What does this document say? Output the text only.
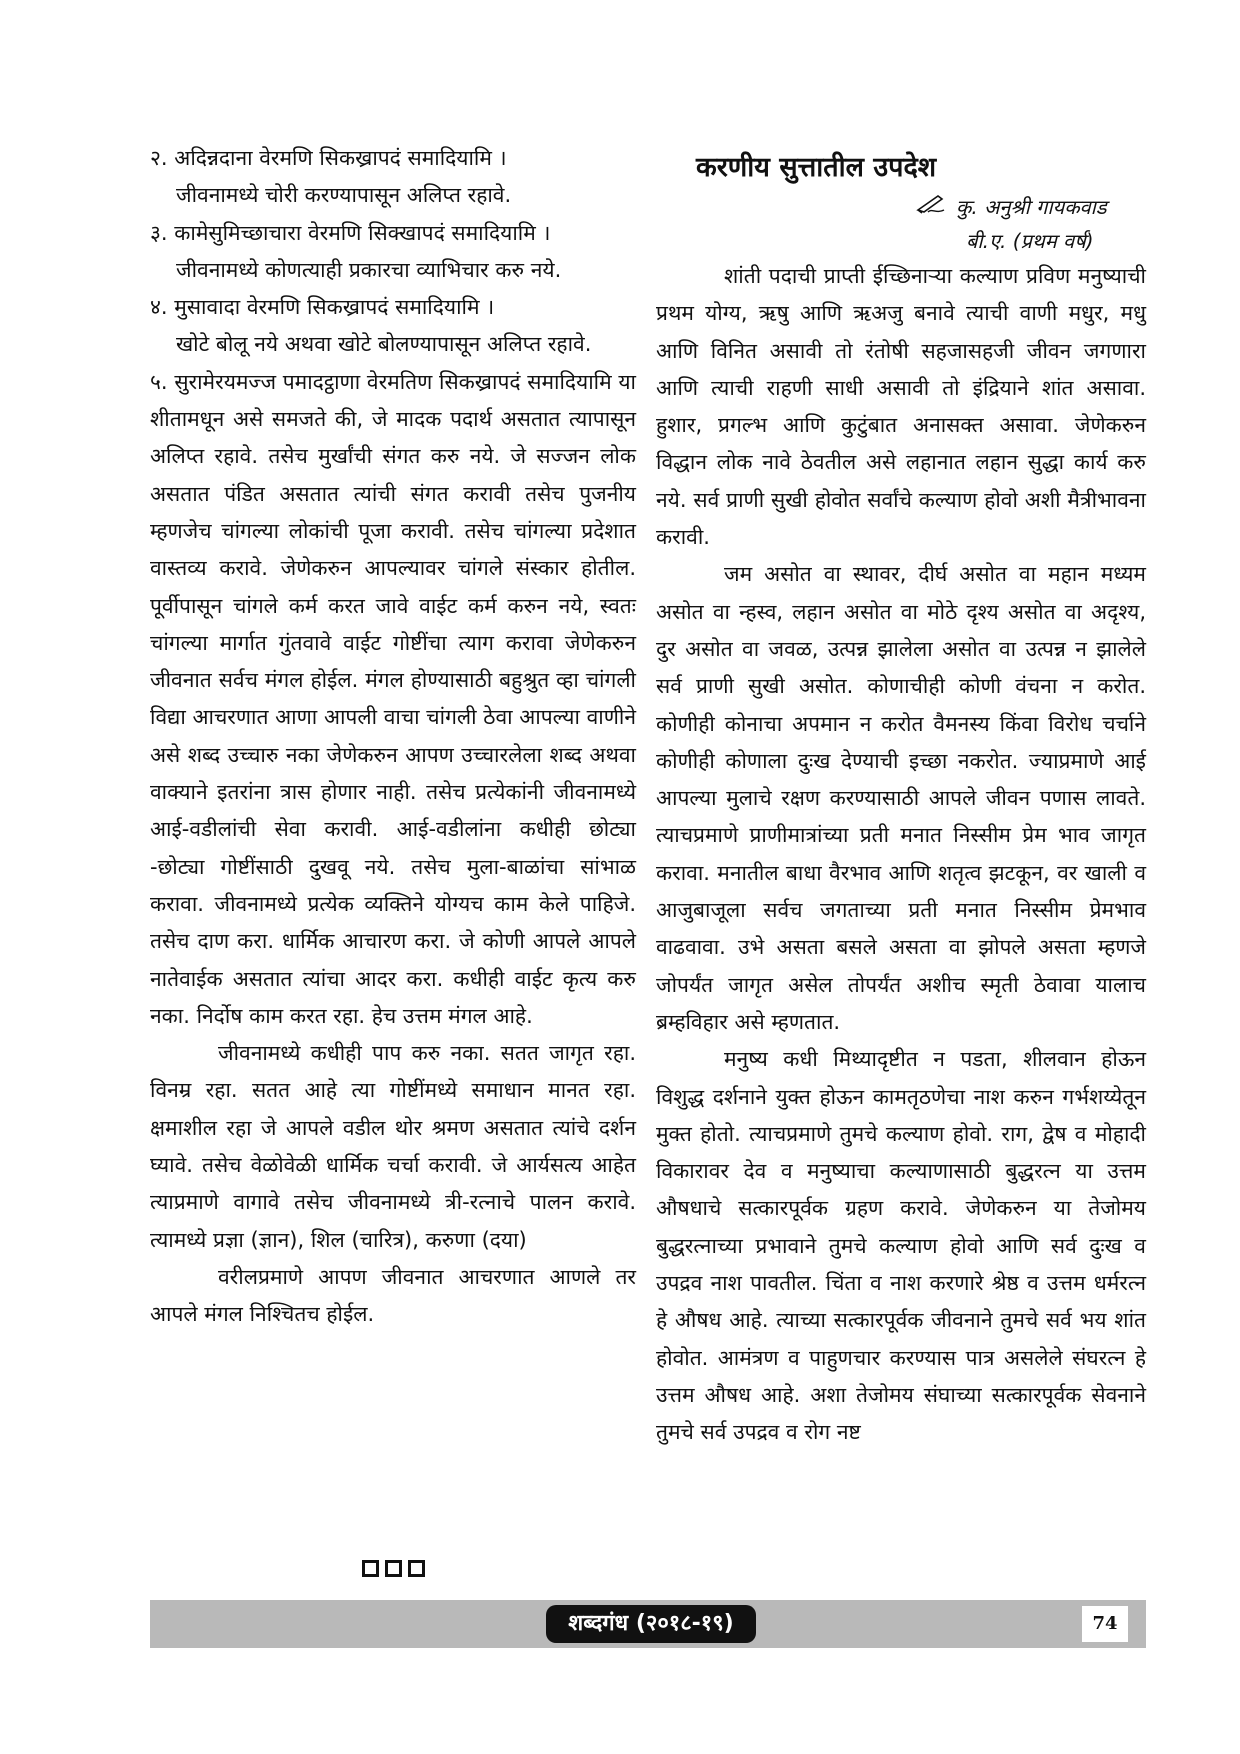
२. अदिन्नदाना वेरमणि सिकख्रापदं समादियामि ।

जीवनामध्ये चोरी करण्यापासून अलिप्त रहावे.

३. कामेसुमिच्छाचारा वेरमणि सिक्खापदं समादियामि ।

जीवनामध्ये कोणत्याही प्रकारचा व्याभिचार करु नये.

४. मुसावादा वेरमणि सिकख्रापदं समादियामि ।

खोटे बोलू नये अथवा खोटे बोलण्यापासून अलिप्त रहावे.

५. सुरामेरयमज्ज पमादट्ठाणा वेरमतिण सिकख्रापदं समादियामि या शीतामधून असे समजते की, जे मादक पदार्थ असतात त्यापासून अलिप्त रहावे. तसेच मुर्खांची संगत करु नये. जे सज्जन लोक असतात पंडित असतात त्यांची संगत करावी तसेच पुजनीय म्हणजेच चांगल्या लोकांची पूजा करावी. तसेच चांगल्या प्रदेशात वास्तव्य करावे. जेणेकरुन आपल्यावर चांगले संस्कार होतील. पूर्वीपासून चांगले कर्म करत जावे वाईट कर्म करुन नये, स्वतः चांगल्या मार्गात गुंतवावे वाईट गोष्टींचा त्याग करावा जेणेकरुन जीवनात सर्वच मंगल होईल. मंगल होण्यासाठी बहुश्रुत व्हा चांगली विद्या आचरणात आणा आपली वाचा चांगली ठेवा आपल्या वाणीने असे शब्द उच्चारु नका जेणेकरुन आपण उच्चारलेला शब्द अथवा वाक्याने इतरांना त्रास होणार नाही. तसेच प्रत्येकांनी जीवनामध्ये आई-वडीलांची सेवा करावी. आई-वडीलांना कधीही छोट्या -छोट्या गोष्टींसाठी दुखवू नये. तसेच मुला-बाळांचा सांभाळ करावा. जीवनामध्ये प्रत्येक व्यक्तिने योग्यच काम केले पाहिजे. तसेच दाण करा. धार्मिक आचारण करा. जे कोणी आपले आपले नातेवाईक असतात त्यांचा आदर करा. कधीही वाईट कृत्य करु नका. निर्दोष काम करत रहा. हेच उत्तम मंगल आहे.

जीवनामध्ये कधीही पाप करु नका. सतत जागृत रहा. विनम्र रहा. सतत आहे त्या गोष्टींमध्ये समाधान मानत रहा. क्षमाशील रहा जे आपले वडील थोर श्रमण असतात त्यांचे दर्शन घ्यावे. तसेच वेळोवेळी धार्मिक चर्चा करावी. जे आर्यसत्य आहेत त्याप्रमाणे वागावे तसेच जीवनामध्ये त्री-रत्नाचे पालन करावे. त्यामध्ये प्रज्ञा (ज्ञान), शिल (चारित्र), करुणा (दया)

वरीलप्रमाणे आपण जीवनात आचरणात आणले तर आपले मंगल निश्चितच होईल.

करणीय सुत्तातील उपदेश

कु. अनुश्री गायकवाड

बी.ए. (प्रथम वर्ष)

शांती पदाची प्राप्ती ईच्छिनाऱ्या कल्याण प्रविण मनुष्याची प्रथम योग्य, ऋषु आणि ऋअजु बनावे त्याची वाणी मधुर, मधु आणि विनित असावी तो रंतोषी सहजासहजी जीवन जगणारा आणि त्याची राहणी साधी असावी तो इंद्रियाने शांत असावा. हुशार, प्रगल्भ आणि कुटुंबात अनासक्त असावा. जेणेकरुन विद्धान लोक नावे ठेवतील असे लहानात लहान सुद्धा कार्य करु नये. सर्व प्राणी सुखी होवोत सर्वांचे कल्याण होवो अशी मैत्रीभावना करावी.

जम असोत वा स्थावर, दीर्घ असोत वा महान मध्यम असोत वा न्हस्व, लहान असोत वा मोठे दृश्य असोत वा अदृश्य, दुर असोत वा जवळ, उत्पन्न झालेला असोत वा उत्पन्न न झालेले सर्व प्राणी सुखी असोत. कोणाचीही कोणी वंचना न करोत. कोणीही कोनाचा अपमान न करोत वैमनस्य किंवा विरोध चर्चाने कोणीही कोणाला दुःख देण्याची इच्छा नकरोत. ज्याप्रमाणे आई आपल्या मुलाचे रक्षण करण्यासाठी आपले जीवन पणास लावते. त्याचप्रमाणे प्राणीमात्रांच्या प्रती मनात निस्सीम प्रेम भाव जागृत करावा. मनातील बाधा वैरभाव आणि शतृत्व झटकून, वर खाली व आजुबाजूला सर्वच जगताच्या प्रती मनात निस्सीम प्रेमभाव वाढवावा. उभे असता बसले असता वा झोपले असता म्हणजे जोपर्यंत जागृत असेल तोपर्यंत अशीच स्मृती ठेवावा यालाच ब्रम्हविहार असे म्हणतात.

मनुष्य कधी मिथ्यादृष्टीत न पडता, शीलवान होऊन विशुद्ध दर्शनाने युक्त होऊन कामतृठणेचा नाश करुन गर्भशय्येतून मुक्त होतो. त्याचप्रमाणे तुमचे कल्याण होवो. राग, द्वेष व मोहादी विकारावर देव व मनुष्याचा कल्याणासाठी बुद्धरत्न या उत्तम औषधाचे सत्कारपूर्वक ग्रहण करावे. जेणेकरुन या तेजोमय बुद्धरत्नाच्या प्रभावाने तुमचे कल्याण होवो आणि सर्व दुःख व उपद्रव नाश पावतील. चिंता व नाश करणारे श्रेष्ठ व उत्तम धर्मरत्न हे औषध आहे. त्याच्या सत्कारपूर्वक जीवनाने तुमचे सर्व भय शांत होवोत. आमंत्रण व पाहुणचार करण्यास पात्र असलेले संघरत्न हे उत्तम औषध आहे. अशा तेजोमय संघाच्या सत्कारपूर्वक सेवनाने तुमचे सर्व उपद्रव व रोग नष्ट

शब्दगंध (२०१८-१९)	74
